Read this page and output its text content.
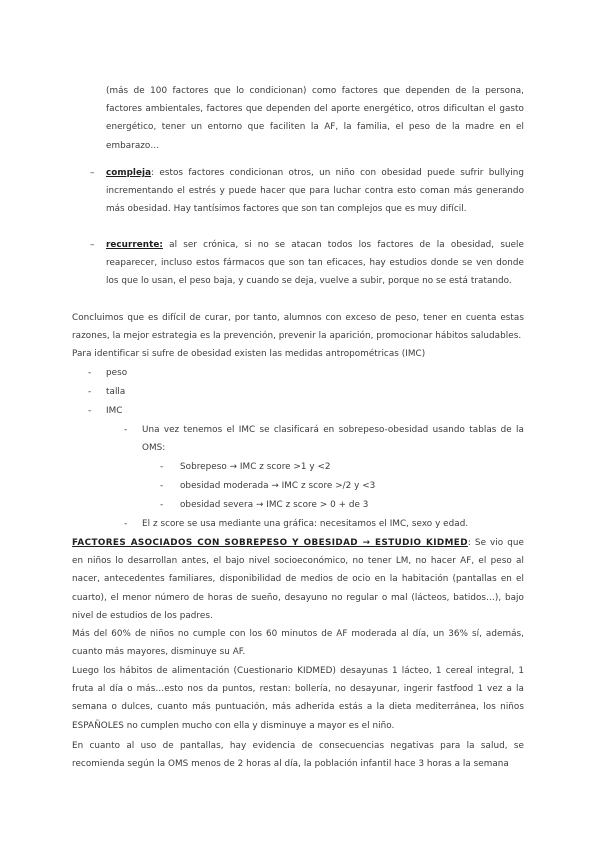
(más de 100 factores que lo condicionan) como factores que dependen de la persona, factores ambientales, factores que dependen del aporte energético, otros dificultan el gasto energético, tener un entorno que faciliten la AF, la familia, el peso de la madre en el embarazo…
– compleja: estos factores condicionan otros, un niño con obesidad puede sufrir bullying incrementando el estrés y puede hacer que para luchar contra esto coman más generando más obesidad. Hay tantísimos factores que son tan complejos que es muy difícil.
– recurrente: al ser crónica, si no se atacan todos los factores de la obesidad, suele reaparecer, incluso estos fármacos que son tan eficaces, hay estudios donde se ven donde los que lo usan, el peso baja, y cuando se deja, vuelve a subir, porque no se está tratando.
Concluimos que es difícil de curar, por tanto, alumnos con exceso de peso, tener en cuenta estas razones, la mejor estrategia es la prevención, prevenir la aparición, promocionar hábitos saludables.
Para identificar si sufre de obesidad existen las medidas antropométricas (IMC)
- peso
- talla
- IMC
- Una vez tenemos el IMC se clasificará en sobrepeso-obesidad usando tablas de la OMS:
- Sobrepeso → IMC z score >1 y <2
- obesidad moderada → IMC z score >/2 y <3
- obesidad severa → IMC z score > 0 + de 3
- El z score se usa mediante una gráfica: necesitamos el IMC, sexo y edad.
FACTORES ASOCIADOS CON SOBREPESO Y OBESIDAD → ESTUDIO KIDMED: Se vio que en niños lo desarrollan antes, el bajo nivel socioeconómico, no tener LM, no hacer AF, el peso al nacer, antecedentes familiares, disponibilidad de medios de ocio en la habitación (pantallas en el cuarto), el menor número de horas de sueño, desayuno no regular o mal (lácteos, batidos…), bajo nivel de estudios de los padres.
Más del 60% de niños no cumple con los 60 minutos de AF moderada al día, un 36% sí, además, cuanto más mayores, disminuye su AF.
Luego los hábitos de alimentación (Cuestionario KIDMED) desayunas 1 lácteo, 1 cereal integral, 1 fruta al día o más…esto nos da puntos, restan: bollería, no desayunar, ingerir fastfood 1 vez a la semana o dulces, cuanto más puntuación, más adherida estás a la dieta mediterránea, los niños ESPAÑOLES no cumplen mucho con ella y disminuye a mayor es el niño.
En cuanto al uso de pantallas, hay evidencia de consecuencias negativas para la salud, se recomienda según la OMS menos de 2 horas al día, la población infantil hace 3 horas a la semana
